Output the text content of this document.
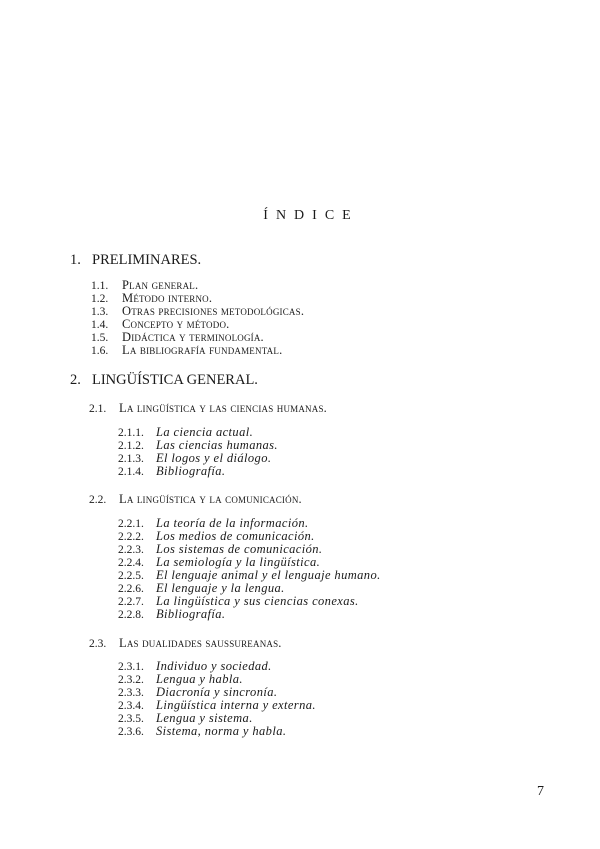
ÍNDICE
1. PRELIMINARES.
1.1. Plan general.
1.2. Método interno.
1.3. Otras precisiones metodológicas.
1.4. Concepto y método.
1.5. Didáctica y terminología.
1.6. La bibliografía fundamental.
2. LINGÜÍSTICA GENERAL.
2.1. La lingüística y las ciencias humanas.
2.1.1. La ciencia actual.
2.1.2. Las ciencias humanas.
2.1.3. El logos y el diálogo.
2.1.4. Bibliografía.
2.2. La lingüística y la comunicación.
2.2.1. La teoría de la información.
2.2.2. Los medios de comunicación.
2.2.3. Los sistemas de comunicación.
2.2.4. La semiología y la lingüística.
2.2.5. El lenguaje animal y el lenguaje humano.
2.2.6. El lenguaje y la lengua.
2.2.7. La lingüística y sus ciencias conexas.
2.2.8. Bibliografía.
2.3. Las dualidades saussureanas.
2.3.1. Individuo y sociedad.
2.3.2. Lengua y habla.
2.3.3. Diacronía y sincronía.
2.3.4. Lingüística interna y externa.
2.3.5. Lengua y sistema.
2.3.6. Sistema, norma y habla.
7
